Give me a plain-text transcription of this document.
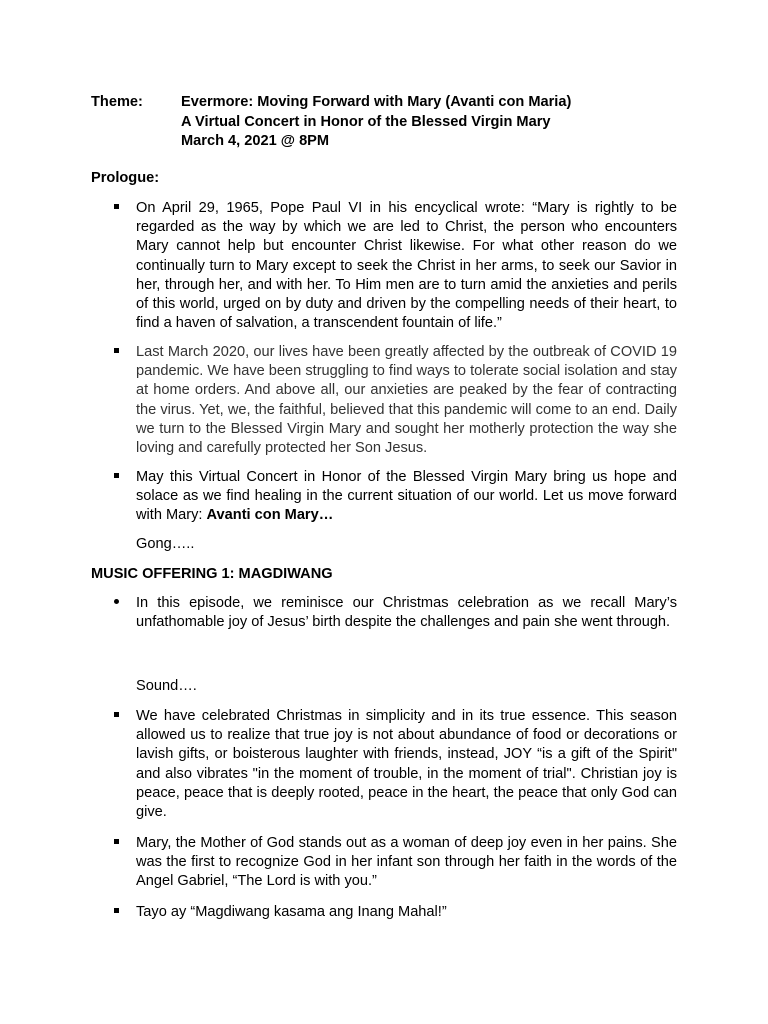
Theme:	Evermore: Moving Forward with Mary (Avanti con Maria)
A Virtual Concert in Honor of the Blessed Virgin Mary
March 4, 2021 @ 8PM
Prologue:
On April 29, 1965, Pope Paul VI in his encyclical wrote: “Mary is rightly to be regarded as the way by which we are led to Christ, the person who encounters Mary cannot help but encounter Christ likewise. For what other reason do we continually turn to Mary except to seek the Christ in her arms, to seek our Savior in her, through her, and with her. To Him men are to turn amid the anxieties and perils of this world, urged on by duty and driven by the compelling needs of their heart, to find a haven of salvation, a transcendent fountain of life.”
Last March 2020, our lives have been greatly affected by the outbreak of COVID 19 pandemic. We have been struggling to find ways to tolerate social isolation and stay at home orders. And above all, our anxieties are peaked by the fear of contracting the virus. Yet, we, the faithful, believed that this pandemic will come to an end. Daily we turn to the Blessed Virgin Mary and sought her motherly protection the way she loving and carefully protected her Son Jesus.
May this Virtual Concert in Honor of the Blessed Virgin Mary bring us hope and solace as we find healing in the current situation of our world. Let us move forward with Mary: Avanti con Mary…
Gong…..
MUSIC OFFERING 1: MAGDIWANG
In this episode, we reminisce our Christmas celebration as we recall Mary’s unfathomable joy of Jesus’ birth despite the challenges and pain she went through.
Sound….
We have celebrated Christmas in simplicity and in its true essence. This season allowed us to realize that true joy is not about abundance of food or decorations or lavish gifts, or boisterous laughter with friends, instead, JOY “is a gift of the Spirit" and also vibrates "in the moment of trouble, in the moment of trial". Christian joy is peace, peace that is deeply rooted, peace in the heart, the peace that only God can give.
Mary, the Mother of God stands out as a woman of deep joy even in her pains. She was the first to recognize God in her infant son through her faith in the words of the Angel Gabriel, “The Lord is with you.”
Tayo ay “Magdiwang kasama ang Inang Mahal!”
